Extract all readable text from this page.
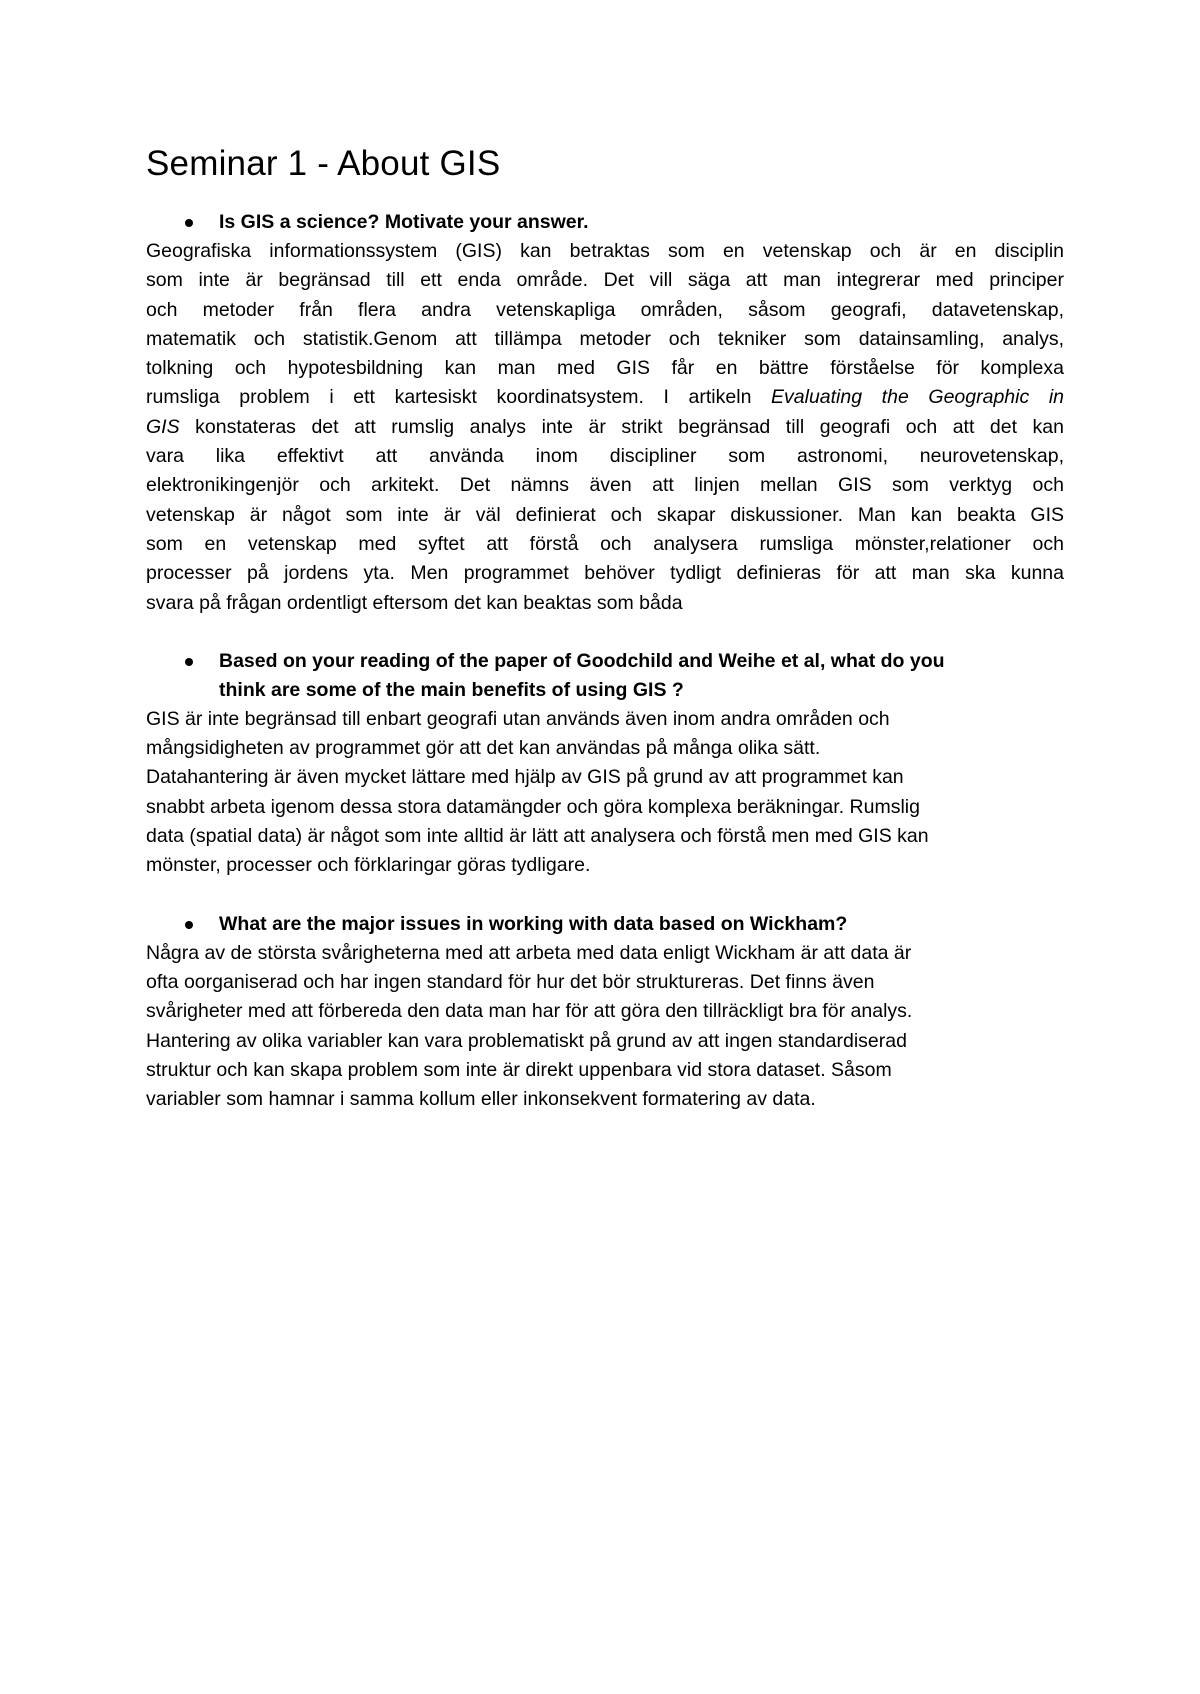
Seminar 1 - About GIS

Is GIS a science? Motivate your answer.

Geografiska informationssystem (GIS) kan betraktas som en vetenskap och är en disciplin
som inte är begränsad till ett enda område. Det vill säga att man integrerar med principer
och metoder från flera andra vetenskapliga områden, såsom geografi, datavetenskap,
matematik och statistik.Genom att tillämpa metoder och tekniker som datainsamling, analys,
tolkning och hypotesbildning kan man med GIS får en bättre förståelse för komplexa
rumsliga problem i ett kartesiskt koordinatsystem. I artikeln Evaluating the Geographic in
GIS konstateras det att rumslig analys inte är strikt begränsad till geografi och att det kan
vara lika effektivt att använda inom discipliner som astronomi, neurovetenskap,
elektronikingenjör och arkitekt. Det nämns även att linjen mellan GIS som verktyg och
vetenskap är något som inte är väl definierat och skapar diskussioner. Man kan beakta GIS
som en vetenskap med syftet att förstå och analysera rumsliga mönster,relationer och
processer på jordens yta. Men programmet behöver tydligt definieras för att man ska kunna
svara på frågan ordentligt eftersom det kan beaktas som båda

Based on your reading of the paper of Goodchild and Weihe et al, what do you
think are some of the main benefits of using GIS ?

GIS är inte begränsad till enbart geografi utan används även inom andra områden och
mångsidigheten av programmet gör att det kan användas på många olika sätt.
Datahantering är även mycket lättare med hjälp av GIS på grund av att programmet kan
snabbt arbeta igenom dessa stora datamängder och göra komplexa beräkningar. Rumslig
data (spatial data) är något som inte alltid är lätt att analysera och förstå men med GIS kan
mönster, processer och förklaringar göras tydligare.

What are the major issues in working with data based on Wickham?

Några av de största svårigheterna med att arbeta med data enligt Wickham är att data är
ofta oorganiserad och har ingen standard för hur det bör struktureras. Det finns även
svårigheter med att förbereda den data man har för att göra den tillräckligt bra för analys.
Hantering av olika variabler kan vara problematiskt på grund av att ingen standardiserad
struktur och kan skapa problem som inte är direkt uppenbara vid stora dataset. Såsom
variabler som hamnar i samma kollum eller inkonsekvent formatering av data.
